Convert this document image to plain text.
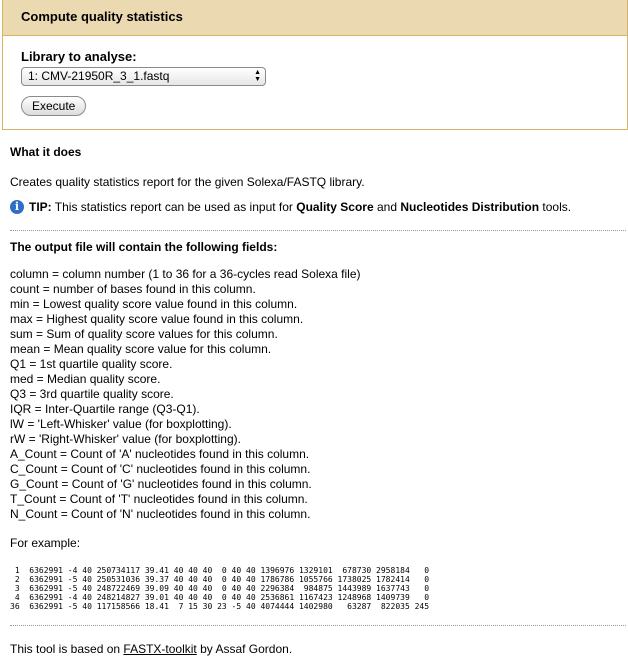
Compute quality statistics
Library to analyse:
1: CMV-21950R_3_1.fastq	▲
▼
Execute
What it does
Creates quality statistics report for the given Solexa/FASTQ library.
i TIP: This statistics report can be used as input for Quality Score and Nucleotides Distribution tools.
The output file will contain the following fields:
column = column number (1 to 36 for a 36-cycles read Solexa file)
count = number of bases found in this column.
min = Lowest quality score value found in this column.
max = Highest quality score value found in this column.
sum = Sum of quality score values for this column.
mean = Mean quality score value for this column.
Q1 = 1st quartile quality score.
med = Median quality score.
Q3 = 3rd quartile quality score.
IQR = Inter-Quartile range (Q3-Q1).
lW = 'Left-Whisker' value (for boxplotting).
rW = 'Right-Whisker' value (for boxplotting).
A_Count = Count of 'A' nucleotides found in this column.
C_Count = Count of 'C' nucleotides found in this column.
G_Count = Count of 'G' nucleotides found in this column.
T_Count = Count of 'T' nucleotides found in this column.
N_Count = Count of 'N' nucleotides found in this column.
For example:
1  6362991 -4 40 250734117 39.41 40 40 40  0 40 40 1396976 1329101  678730 2958184   0
2  6362991 -5 40 250531036 39.37 40 40 40  0 40 40 1786786 1055766 1738025 1782414   0
3  6362991 -5 40 248722469 39.09 40 40 40  0 40 40 2296384  984875 1443989 1637743   0
4  6362991 -4 40 248214827 39.01 40 40 40  0 40 40 2536861 1167423 1248968 1409739   0
36  6362991 -5 40 117158566 18.41  7 15 30 23 -5 40 4074444 1402980   63287  822035 245
This tool is based on FASTX-toolkit by Assaf Gordon.
